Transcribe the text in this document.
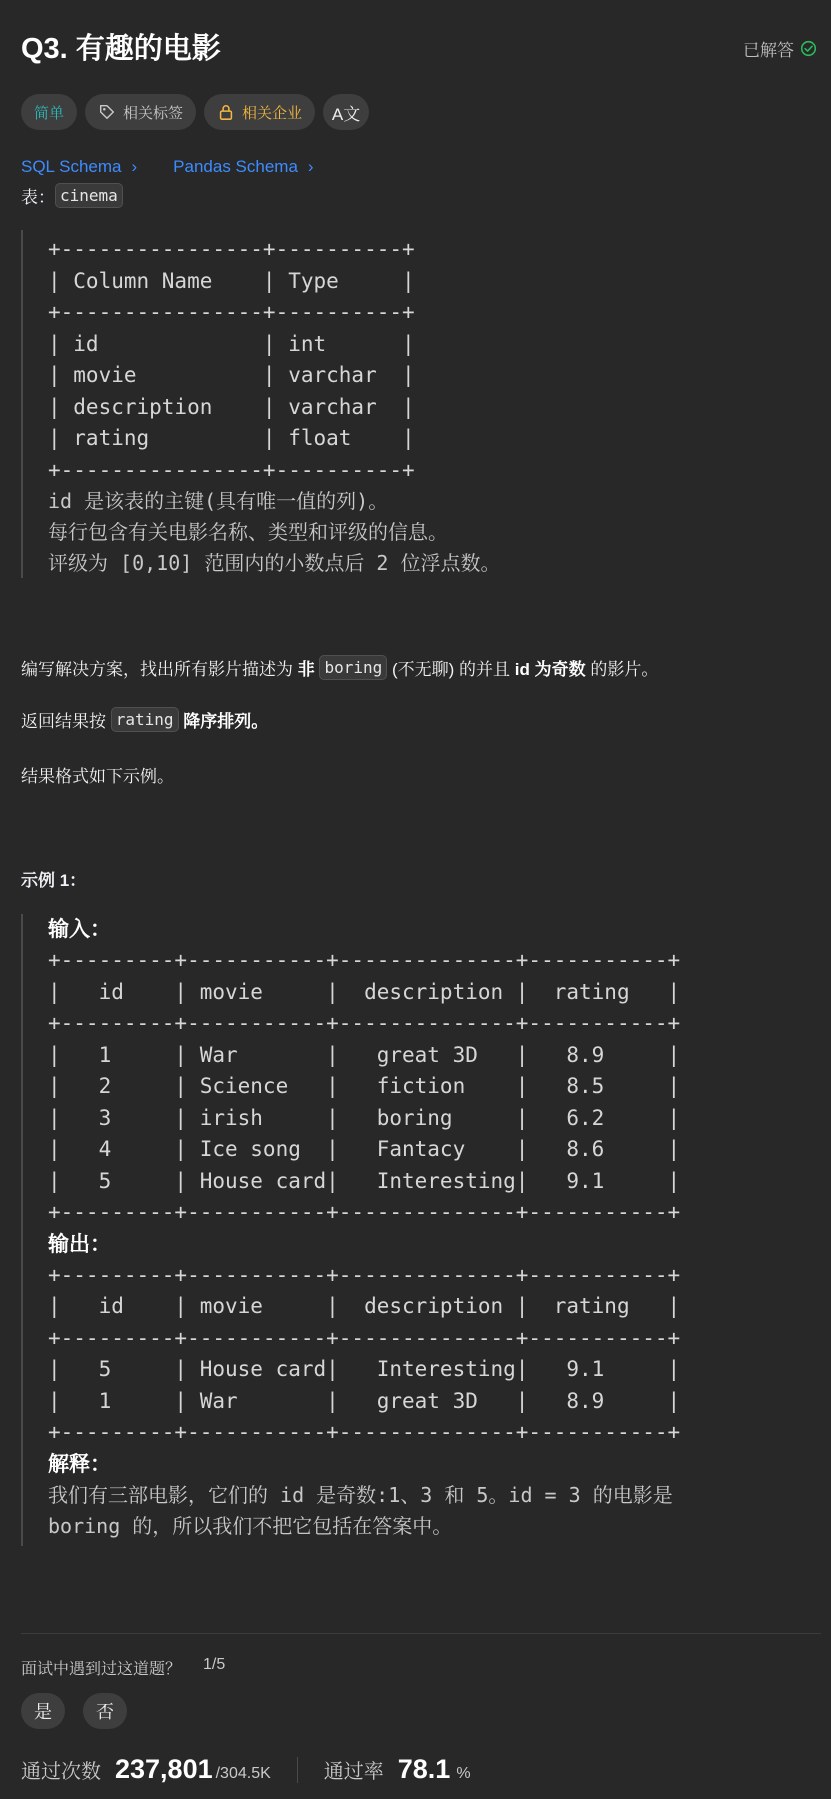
Q3. 有趣的电影	已解答
简单	相关标签	相关企业 A文
SQL Schema › Pandas Schema ›
表： cinema
+----------------+----------+
| Column Name    | Type     |
+----------------+----------+
| id             | int      |
| movie          | varchar  |
| description    | varchar  |
| rating         | float    |
+----------------+----------+
id 是该表的主键(具有唯一值的列)。
每行包含有关电影名称、类型和评级的信息。
评级为 [0,10] 范围内的小数点后 2 位浮点数。
编写解决方案，找出所有影片描述为 非
boring (不无聊) 的并且 id 为奇数 的影片。
返回结果按 rating 降序排列。
结果格式如下示例。
示例 1：
输入：
+---------+-----------+--------------+-----------+
|   id    | movie     |  description |  rating   |
+---------+-----------+--------------+-----------+
|   1     | War       |   great 3D   |   8.9     |
|   2     | Science   |   fiction    |   8.5     |
|   3     | irish     |   boring     |   6.2     |
|   4     | Ice song  |   Fantacy    |   8.6     |
|   5     | House card|   Interesting|   9.1     |
+---------+-----------+--------------+-----------+
输出：
+---------+-----------+--------------+-----------+
|   id    | movie     |  description |  rating   |
+---------+-----------+--------------+-----------+
|   5     | House card|   Interesting|   9.1     |
|   1     | War       |   great 3D   |   8.9     |
+---------+-----------+--------------+-----------+
解释：
我们有三部电影，它们的 id 是奇数:1、3 和 5。id = 3 的电影是
boring 的，所以我们不把它包括在答案中。
面试中遇到过这道题？ 1/5
是	否
通过次数 237,801 /304.5K	通过率 78.1 %
